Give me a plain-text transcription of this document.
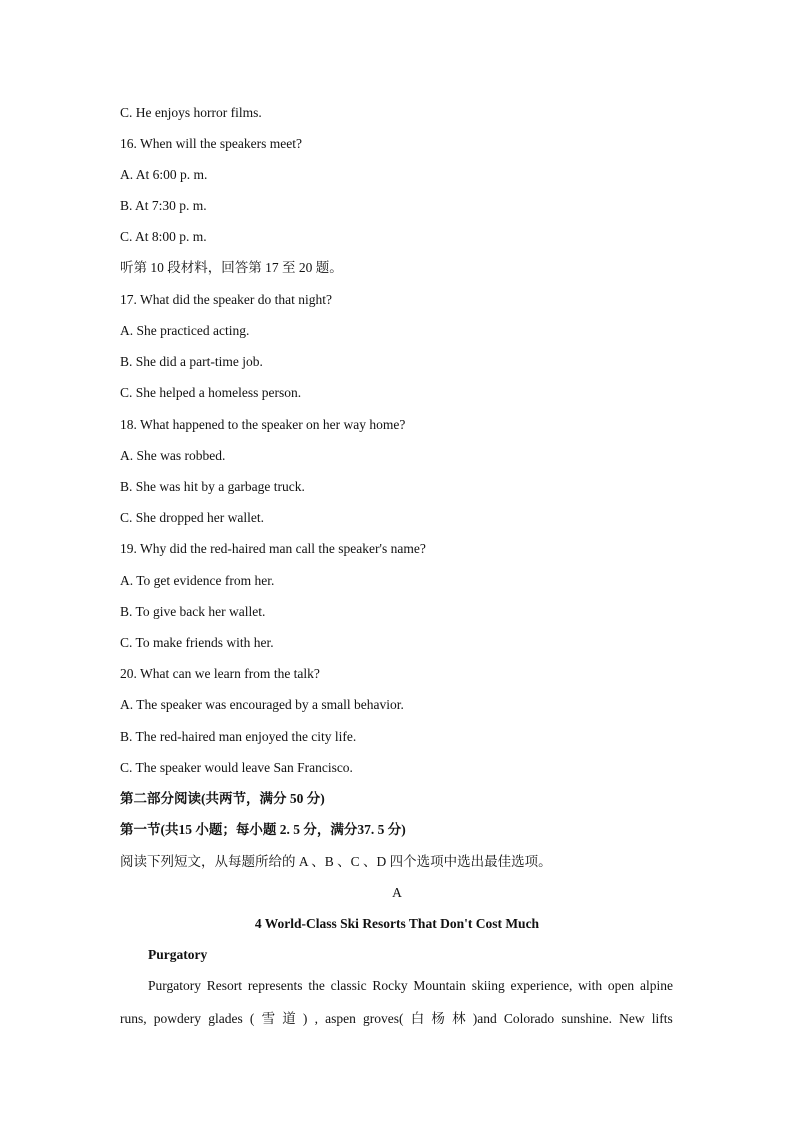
C. He enjoys horror films.
16. When will the speakers meet?
A. At 6:00 p. m.
B. At 7:30 p. m.
C. At 8:00 p. m.
听第 10 段材料，回答第 17 至 20 题。
17. What did the speaker do that night?
A. She practiced acting.
B. She did a part-time job.
C. She helped a homeless person.
18. What happened to the speaker on her way home?
A. She was robbed.
B. She was hit by a garbage truck.
C. She dropped her wallet.
19. Why did the red-haired man call the speaker's name?
A. To get evidence from her.
B. To give back her wallet.
C. To make friends with her.
20. What can we learn from the talk?
A. The speaker was encouraged by a small behavior.
B. The red-haired man enjoyed the city life.
C. The speaker would leave San Francisco.
第二部分阅读(共两节，满分 50 分)
第一节(共15 小题；每小题 2. 5 分，满分37. 5 分)
阅读下列短文，从每题所给的 A 、B 、C 、D 四个选项中选出最佳选项。
A
4 World-Class Ski Resorts That Don't Cost Much
Purgatory
Purgatory Resort represents the classic Rocky Mountain skiing experience, with open alpine
runs, powdery glades ( 雪 道 ) , aspen groves( 白 杨 林 )and Colorado sunshine. New lifts
